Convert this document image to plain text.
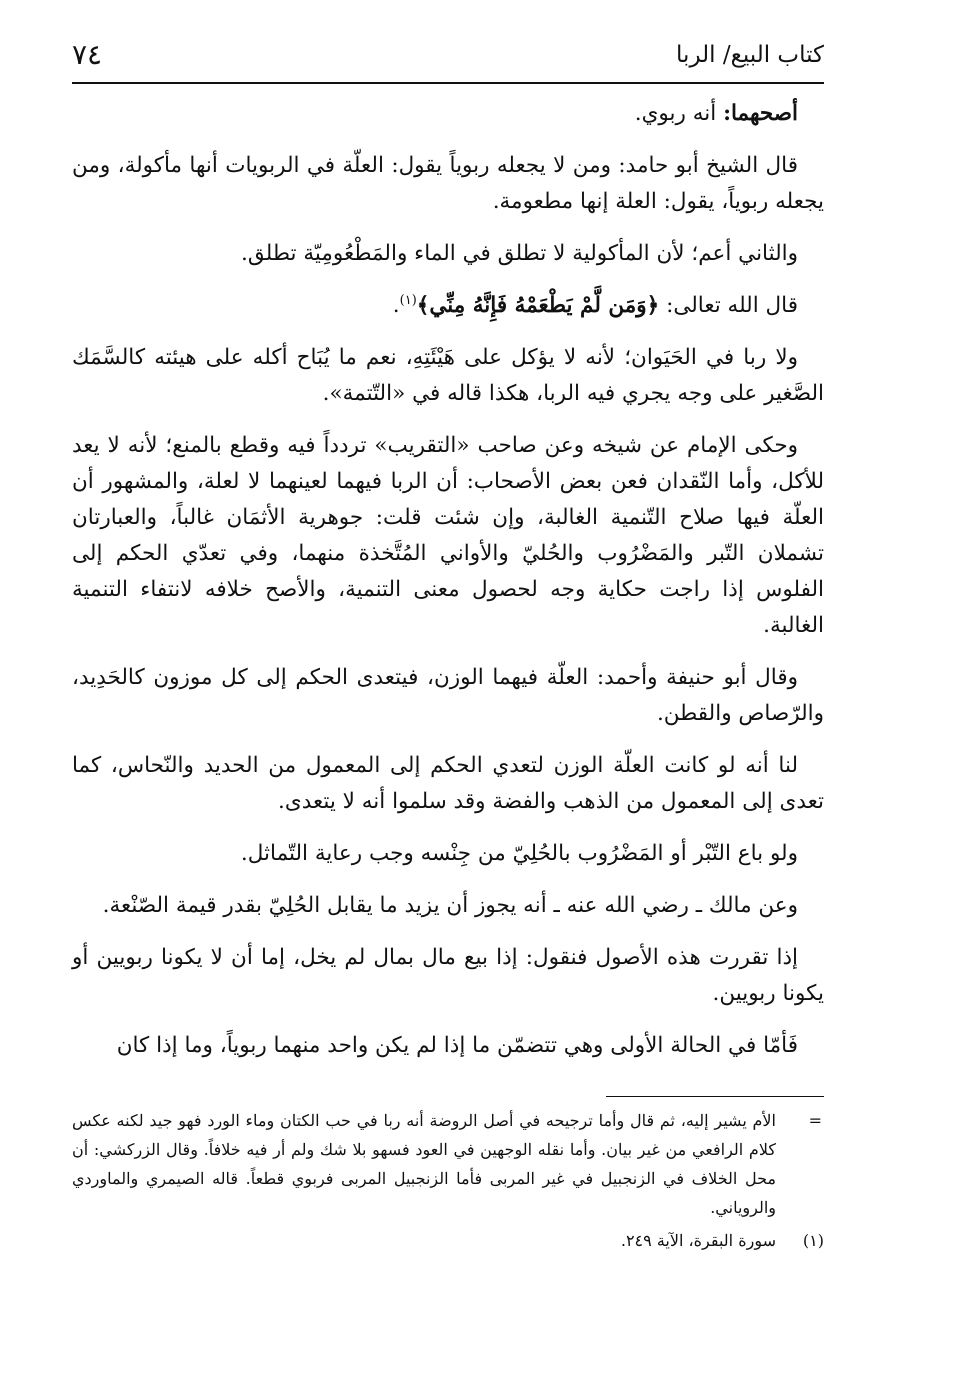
٧٤	كتاب البيع/ الربا

أصحهما: أنه ربوي.

قال الشيخ أبو حامد: ومن لا يجعله ربوياً يقول: العلّة في الربويات أنها مأكولة، ومن يجعله ربوياً، يقول: العلة إنها مطعومة.

والثاني أعم؛ لأن المأكولية لا تطلق في الماء والمَطْعُومِيّة تطلق.

قال الله تعالى: ﴿وَمَن لَّمْ يَطْعَمْهُ فَإِنَّهُ مِنِّي﴾$^{(١)}$.

ولا ربا في الحَيَوان؛ لأنه لا يؤكل على هَيْئَتِهِ، نعم ما يُبَاح أكله على هيئته كالسَّمَك الصَّغير على وجه يجري فيه الربا، هكذا قاله في «التّتمة».

وحكى الإمام عن شيخه وعن صاحب «التقريب» تردداً فيه وقطع بالمنع؛ لأنه لا يعد للأكل، وأما النّقدان فعن بعض الأصحاب: أن الربا فيهما لعينهما لا لعلة، والمشهور أن العلّة فيها صلاح التّنمية الغالبة، وإن شئت قلت: جوهرية الأثمَان غالباً، والعبارتان تشملان التّبر والمَضْرُوب والحُليّ والأواني المُتَّخذة منهما، وفي تعدّي الحكم إلى الفلوس إذا راجت حكاية وجه لحصول معنى التنمية، والأصح خلافه لانتفاء التنمية الغالبة.

وقال أبو حنيفة وأحمد: العلّة فيهما الوزن، فيتعدى الحكم إلى كل موزون كالحَدِيد، والرّصاص والقطن.

لنا أنه لو كانت العلّة الوزن لتعدي الحكم إلى المعمول من الحديد والنّحاس، كما تعدى إلى المعمول من الذهب والفضة وقد سلموا أنه لا يتعدى.

ولو باع التّبْر أو المَضْرُوب بالحُلِيّ من جِنْسه وجب رعاية التّماثل.

وعن مالك ـ رضي الله عنه ـ أنه يجوز أن يزيد ما يقابل الحُلِيّ بقدر قيمة الصّنْعة.

إذا تقررت هذه الأصول فنقول: إذا بيع مال بمال لم يخل، إما أن لا يكونا ربويين أو يكونا ربويين.

فَأمّا في الحالة الأولى وهي تتضمّن ما إذا لم يكن واحد منهما ربوياً، وما إذا كان

=
الأم يشير إليه، ثم قال وأما ترجيحه في أصل الروضة أنه ربا في حب الكتان وماء الورد فهو جيد لكنه عكس كلام الرافعي من غير بيان. وأما نقله الوجهين في العود فسهو بلا شك ولم أر فيه خلافاً. وقال الزركشي: أن محل الخلاف في الزنجبيل في غير المربى فأما الزنجبيل المربى فربوي قطعاً. قاله الصيمري والماوردي والروياني.
(١)
سورة البقرة، الآية ٢٤٩.
